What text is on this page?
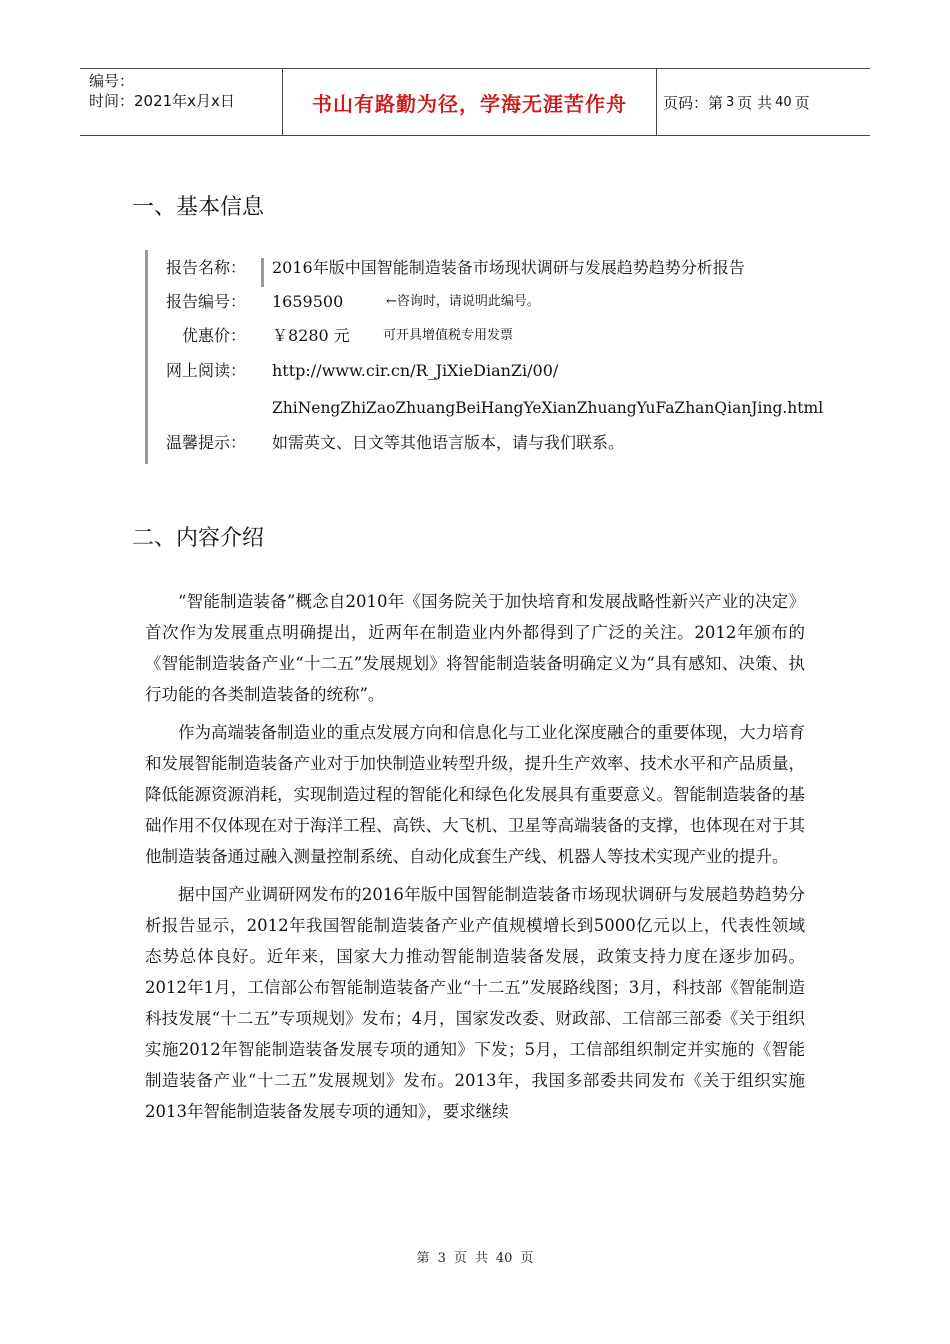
编号：
时间：2021年x月x日	书山有路勤为径，学海无涯苦作舟	页码：第 3 页 共 40 页
一、基本信息
报告名称： 2016年版中国智能制造装备市场现状调研与发展趋势趋势分析报告
报告编号： 1659500	←咨询时，请说明此编号。
优惠价： ￥8280 元	可开具增值税专用发票
网上阅读： http://www.cir.cn/R_JiXieDianZi/00/
ZhiNengZhiZaoZhuangBeiHangYeXianZhuangYuFaZhanQianJing.html
温馨提示： 如需英文、日文等其他语言版本，请与我们联系。
二、内容介绍

“智能制造装备”概念自2010年《国务院关于加快培育和发展战略性新兴产业的决定》首次作为发展重点明确提出，近两年在制造业内外都得到了广泛的关注。2012年颁布的《智能制造装备产业“十二五”发展规划》将智能制造装备明确定义为“具有感知、决策、执行功能的各类制造装备的统称”。

作为高端装备制造业的重点发展方向和信息化与工业化深度融合的重要体现，大力培育和发展智能制造装备产业对于加快制造业转型升级，提升生产效率、技术水平和产品质量，降低能源资源消耗，实现制造过程的智能化和绿色化发展具有重要意义。智能制造装备的基础作用不仅体现在对于海洋工程、高铁、大飞机、卫星等高端装备的支撑，也体现在对于其他制造装备通过融入测量控制系统、自动化成套生产线、机器人等技术实现产业的提升。

据中国产业调研网发布的2016年版中国智能制造装备市场现状调研与发展趋势趋势分析报告显示，2012年我国智能制造装备产业产值规模增长到5000亿元以上，代表性领域态势总体良好。近年来，国家大力推动智能制造装备发展，政策支持力度在逐步加码。2012年1月，工信部公布智能制造装备产业“十二五”发展路线图；3月，科技部《智能制造科技发展“十二五”专项规划》发布；4月，国家发改委、财政部、工信部三部委《关于组织实施2012年智能制造装备发展专项的通知》下发；5月，工信部组织制定并实施的《智能制造装备产业“十二五”发展规划》发布。2013年，我国多部委共同发布《关于组织实施2013年智能制造装备发展专项的通知》，要求继续

第 3 页 共 40 页
